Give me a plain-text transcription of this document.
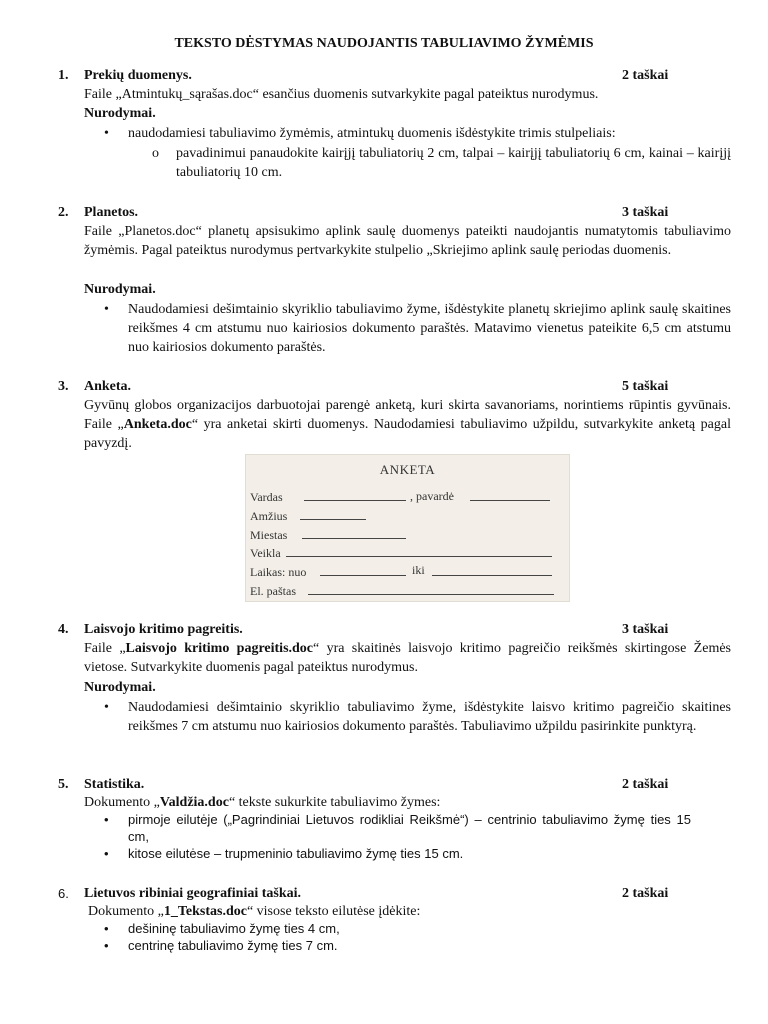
TEKSTO DĖSTYMAS NAUDOJANTIS TABULIAVIMO ŽYMĖMIS
1. Prekių duomenys.	2 taškai
Faile „Atmintukų_sąrašas.doc“ esančius duomenis sutvarkykite pagal pateiktus nurodymus.
Nurodymai.
• naudodamiesi tabuliavimo žymėmis, atmintukų duomenis išdėstykite trimis stulpeliais:
o pavadinimui panaudokite kairįjį tabuliatorių 2 cm, talpai – kairįjį tabuliatorių 6 cm, kainai – kairįjį tabuliatorių 10 cm.
2. Planetos.	3 taškai
Faile „Planetos.doc“ planetų apsisukimo aplink saulę duomenys pateikti naudojantis numatytomis tabuliavimo žymėmis. Pagal pateiktus nurodymus pertvarkykite stulpelio „Skriejimo aplink saulę periodas duomenis.
Nurodymai.
• Naudodamiesi dešimtainio skyriklio tabuliavimo žyme, išdėstykite planetų skriejimo aplink saulę skaitines reikšmes 4 cm atstumu nuo kairiosios dokumento paraštės. Matavimo vienetus pateikite 6,5 cm atstumu nuo kairiosios dokumento paraštės.
3. Anketa.	5 taškai
Gyvūnų globos organizacijos darbuotojai parengė anketą, kuri skirta savanoriams, norintiems rūpintis gyvūnais. Faile „Anketa.doc“ yra anketai skirti duomenys. Naudodamiesi tabuliavimo užpildu, sutvarkykite anketą pagal pavyzdį.
ANKETA
Vardas	, pavardė
Amžius
Miestas
Veikla
Laikas: nuo	iki
El. paštas
4. Laisvojo kritimo pagreitis.	3 taškai
Faile „Laisvojo kritimo pagreitis.doc“ yra skaitinės laisvojo kritimo pagreičio reikšmės skirtingose Žemės vietose. Sutvarkykite duomenis pagal pateiktus nurodymus.
Nurodymai.
• Naudodamiesi dešimtainio skyriklio tabuliavimo žyme, išdėstykite laisvo kritimo pagreičio skaitines reikšmes 7 cm atstumu nuo kairiosios dokumento paraštės. Tabuliavimo užpildu pasirinkite punktyrą.
5. Statistika.	2 taškai
Dokumento „Valdžia.doc“ tekste sukurkite tabuliavimo žymes:
• pirmoje eilutėje („Pagrindiniai Lietuvos rodikliai Reikšmė“) – centrinio tabuliavimo žymę ties 15 cm,
• kitose eilutėse – trupmeninio tabuliavimo žymę ties 15 cm.
6. Lietuvos ribiniai geografiniai taškai.	2 taškai
Dokumento „1_Tekstas.doc“ visose teksto eilutėse įdėkite:
• dešininę tabuliavimo žymę ties 4 cm,
• centrinę tabuliavimo žymę ties 7 cm.
